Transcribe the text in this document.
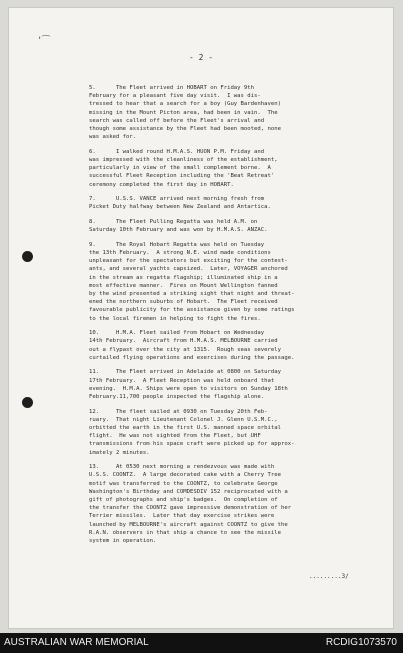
'⁀
- 2 -

5.      The Fleet arrived in HOBART on Friday 9th
February for a pleasant five day visit.  I was dis-
tressed to hear that a search for a boy (Guy Bardenhaven)
missing in the Mount Picton area, had been in vain.  The
search was called off before the Fleet's arrival and
though some assistance by the Fleet had been mooted, none
was asked for.

6.      I walked round H.M.A.S. HUON P.M. Friday and
was impressed with the cleanliness of the establishment,
particularly in view of the small complement borne.  A
successful Fleet Reception including the 'Beat Retreat'
ceremony completed the first day in HOBART.

7.      U.S.S. VANCE arrived next morning fresh from
Picket Duty halfway between New Zealand and Antartica.

8.      The Fleet Pulling Regatta was held A.M. on
Saturday 10th February and was won by H.M.A.S. ANZAC.

9.      The Royal Hobart Regatta was held on Tuesday
the 13th February.  A strong N.E. wind made conditions
unpleasant for the spectators but exciting for the contest-
ants, and several yachts capsized.  Later, VOYAGER anchored
in the stream as regatta flagship; illuminated ship in a
most effective manner.  Fires on Mount Wellington fanned
by the wind presented a striking sight that night and threat-
ened the northern suburbs of Hobart.  The Fleet received
favourable publicity for the assistance given by some ratings
to the local firemen in helping to fight the fires.

10.     H.M.A. Fleet sailed from Hobart on Wednesday
14th February.  Aircraft from H.M.A.S. MELBOURNE carried
out a flypast over the city at 1315.  Rough seas severely
curtailed flying operations and exercises during the passage.

11.     The Fleet arrived in Adelaide at 0800 on Saturday
17th February.  A Fleet Reception was held onboard that
evening.  H.M.A. Ships were open to visitors on Sunday 18th
February.11,700 people inspected the flagship alone.

12.     The fleet sailed at 0930 on Tuesday 20th Feb-
ruary.  That night Lieutenant Colonel J. Glenn U.S.M.C.,
orbitted the earth in the first U.S. manned space orbital
flight.  He was not sighted from the Fleet, but UHF
transmissions from his space craft were picked up for approx-
imately 2 minutes.

13.     At 0530 next morning a rendezvous was made with
U.S.S. COONTZ.  A large decorated cake with a Cherry Tree
motif was transferred to the COONTZ, to celebrate George
Washington's Birthday and COMDESDIV 152 reciprocated with a
gift of photographs and ship's badges.  On completion of
the transfer the COONTZ gave impressive demonstration of her
Terrier missiles.  Later that day exercise strikes were
launched by MELBOURNE's aircraft against COONTZ to give the
R.A.N. observers in that ship a chance to see the missile
system in operation.

.........3/
AUSTRALIAN WAR MEMORIAL	RCDIG1073570
